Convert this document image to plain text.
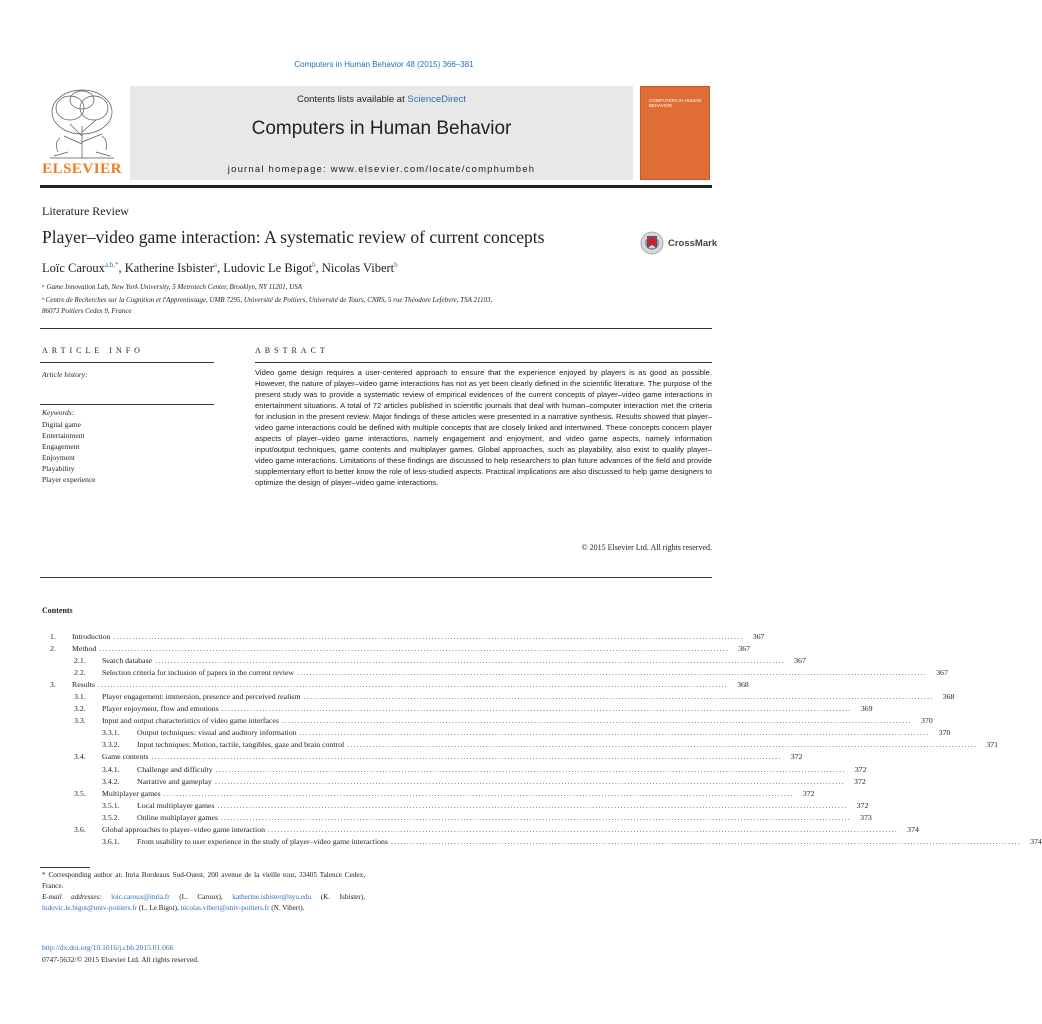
Computers in Human Behavior 48 (2015) 366–381
ELSEVIER
Contents lists available at ScienceDirect
Computers in Human Behavior
journal homepage: www.elsevier.com/locate/comphumbeh
COMPUTERS IN HUMAN BEHAVIOR
Literature Review
Player–video game interaction: A systematic review of current concepts	CrossMark
Loïc Caroux$^{a,b,*}$, Katherine Isbister$^a$, Ludovic Le Bigot$^b$, Nicolas Vibert$^b$
ᵃ Game Innovation Lab, New York University, 5 Metrotech Center, Brooklyn, NY 11201, USA
ᵇ Centre de Recherches sur la Cognition et l'Apprentissage, UMR 7295, Université de Poitiers, Université de Tours, CNRS, 5 rue Théodore Lefebvre, TSA 21103,
86073 Poitiers Cedex 9, France
ARTICLE INFO	ABSTRACT
Article history:
Keywords:
Digital game
Entertainment
Engagement
Enjoyment
Playability
Player experience
Video game design requires a user-centered approach to ensure that the experience enjoyed by players is as good as possible. However, the nature of player–video game interactions has not as yet been clearly defined in the scientific literature. The purpose of the present study was to provide a systematic review of empirical evidences of the current concepts of player–video game interactions in entertainment situations. A total of 72 articles published in scientific journals that deal with human–computer interaction met the criteria for inclusion in the present review. Major findings of these articles were presented in a narrative synthesis. Results showed that player–video game interactions could be defined with multiple concepts that are closely linked and intertwined. These concepts concern player aspects of player–video game interactions, namely engagement and enjoyment, and video game aspects, namely information input/output techniques, game contents and multiplayer games. Global approaches, such as playability, also exist to qualify player–video game interactions. Limitations of these findings are discussed to help researchers to plan future advances of the field and provide supplementary effort to better know the role of less-studied aspects. Practical implications are also discussed to help game designers to optimize the design of player–video game interactions.
© 2015 Elsevier Ltd. All rights reserved.
Contents
1.	Introduction ........................................................................................................................................................................................................	367
2.	Method ........................................................................................................................................................................................................	367
2.1.	Search database ........................................................................................................................................................................................................	367
2.2.	Selection criteria for inclusion of papers in the current review ........................................................................................................................................................................................................	367
3.	Results ........................................................................................................................................................................................................	368
3.1.	Player engagement: immersion, presence and perceived realism ........................................................................................................................................................................................................	368
3.2.	Player enjoyment, flow and emotions ........................................................................................................................................................................................................	369
3.3.	Input and output characteristics of video game interfaces ........................................................................................................................................................................................................	370
3.3.1.	Output techniques: visual and auditory information ........................................................................................................................................................................................................	370
3.3.2.	Input techniques: Motion, tactile, tangibles, gaze and brain control ........................................................................................................................................................................................................	371
3.4.	Game contents ........................................................................................................................................................................................................	372
3.4.1.	Challenge and difficulty ........................................................................................................................................................................................................	372
3.4.2.	Narrative and gameplay ........................................................................................................................................................................................................	372
3.5.	Multiplayer games ........................................................................................................................................................................................................	372
3.5.1.	Local multiplayer games ........................................................................................................................................................................................................	372
3.5.2.	Online multiplayer games ........................................................................................................................................................................................................	373
3.6.	Global approaches to player–video game interaction ........................................................................................................................................................................................................	374
3.6.1.	From usability to user experience in the study of player–video game interactions ........................................................................................................................................................................................................	374
* Corresponding author at: Inria Bordeaux Sud-Ouest, 200 avenue de la vieille tour, 33405 Talence Cedex, France.
E-mail addresses: loic.caroux@inria.fr (L. Caroux), katherine.isbister@nyu.edu (K. Isbister), ludovic.le.bigot@univ-poitiers.fr (L. Le Bigot), nicolas.vibert@univ-poitiers.fr (N. Vibert).
http://dx.doi.org/10.1016/j.chb.2015.01.066
0747-5632/© 2015 Elsevier Ltd. All rights reserved.
